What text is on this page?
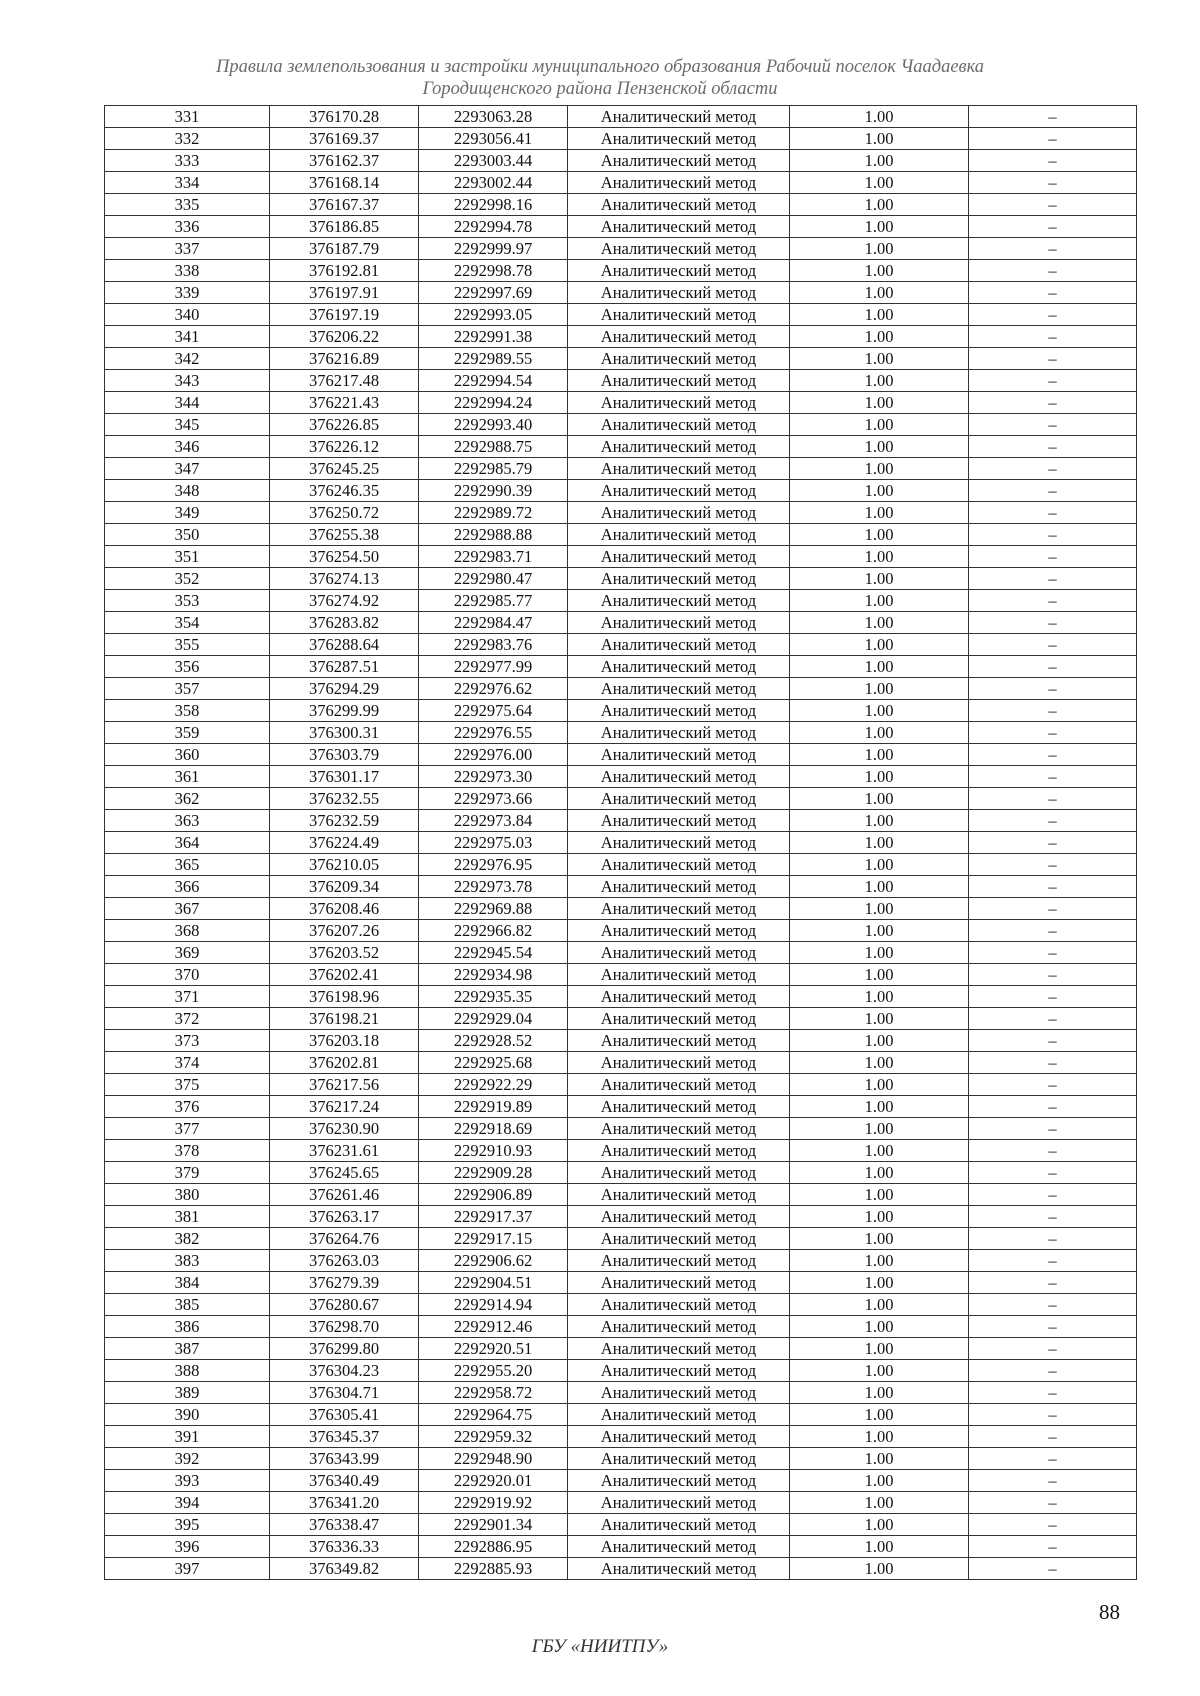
Правила землепользования и застройки муниципального образования Рабочий поселок Чаадаевка
Городищенского района Пензенской области
331	376170.28	2293063.28	Аналитический метод	1.00	–
332	376169.37	2293056.41	Аналитический метод	1.00	–
333	376162.37	2293003.44	Аналитический метод	1.00	–
334	376168.14	2293002.44	Аналитический метод	1.00	–
335	376167.37	2292998.16	Аналитический метод	1.00	–
336	376186.85	2292994.78	Аналитический метод	1.00	–
337	376187.79	2292999.97	Аналитический метод	1.00	–
338	376192.81	2292998.78	Аналитический метод	1.00	–
339	376197.91	2292997.69	Аналитический метод	1.00	–
340	376197.19	2292993.05	Аналитический метод	1.00	–
341	376206.22	2292991.38	Аналитический метод	1.00	–
342	376216.89	2292989.55	Аналитический метод	1.00	–
343	376217.48	2292994.54	Аналитический метод	1.00	–
344	376221.43	2292994.24	Аналитический метод	1.00	–
345	376226.85	2292993.40	Аналитический метод	1.00	–
346	376226.12	2292988.75	Аналитический метод	1.00	–
347	376245.25	2292985.79	Аналитический метод	1.00	–
348	376246.35	2292990.39	Аналитический метод	1.00	–
349	376250.72	2292989.72	Аналитический метод	1.00	–
350	376255.38	2292988.88	Аналитический метод	1.00	–
351	376254.50	2292983.71	Аналитический метод	1.00	–
352	376274.13	2292980.47	Аналитический метод	1.00	–
353	376274.92	2292985.77	Аналитический метод	1.00	–
354	376283.82	2292984.47	Аналитический метод	1.00	–
355	376288.64	2292983.76	Аналитический метод	1.00	–
356	376287.51	2292977.99	Аналитический метод	1.00	–
357	376294.29	2292976.62	Аналитический метод	1.00	–
358	376299.99	2292975.64	Аналитический метод	1.00	–
359	376300.31	2292976.55	Аналитический метод	1.00	–
360	376303.79	2292976.00	Аналитический метод	1.00	–
361	376301.17	2292973.30	Аналитический метод	1.00	–
362	376232.55	2292973.66	Аналитический метод	1.00	–
363	376232.59	2292973.84	Аналитический метод	1.00	–
364	376224.49	2292975.03	Аналитический метод	1.00	–
365	376210.05	2292976.95	Аналитический метод	1.00	–
366	376209.34	2292973.78	Аналитический метод	1.00	–
367	376208.46	2292969.88	Аналитический метод	1.00	–
368	376207.26	2292966.82	Аналитический метод	1.00	–
369	376203.52	2292945.54	Аналитический метод	1.00	–
370	376202.41	2292934.98	Аналитический метод	1.00	–
371	376198.96	2292935.35	Аналитический метод	1.00	–
372	376198.21	2292929.04	Аналитический метод	1.00	–
373	376203.18	2292928.52	Аналитический метод	1.00	–
374	376202.81	2292925.68	Аналитический метод	1.00	–
375	376217.56	2292922.29	Аналитический метод	1.00	–
376	376217.24	2292919.89	Аналитический метод	1.00	–
377	376230.90	2292918.69	Аналитический метод	1.00	–
378	376231.61	2292910.93	Аналитический метод	1.00	–
379	376245.65	2292909.28	Аналитический метод	1.00	–
380	376261.46	2292906.89	Аналитический метод	1.00	–
381	376263.17	2292917.37	Аналитический метод	1.00	–
382	376264.76	2292917.15	Аналитический метод	1.00	–
383	376263.03	2292906.62	Аналитический метод	1.00	–
384	376279.39	2292904.51	Аналитический метод	1.00	–
385	376280.67	2292914.94	Аналитический метод	1.00	–
386	376298.70	2292912.46	Аналитический метод	1.00	–
387	376299.80	2292920.51	Аналитический метод	1.00	–
388	376304.23	2292955.20	Аналитический метод	1.00	–
389	376304.71	2292958.72	Аналитический метод	1.00	–
390	376305.41	2292964.75	Аналитический метод	1.00	–
391	376345.37	2292959.32	Аналитический метод	1.00	–
392	376343.99	2292948.90	Аналитический метод	1.00	–
393	376340.49	2292920.01	Аналитический метод	1.00	–
394	376341.20	2292919.92	Аналитический метод	1.00	–
395	376338.47	2292901.34	Аналитический метод	1.00	–
396	376336.33	2292886.95	Аналитический метод	1.00	–
397	376349.82	2292885.93	Аналитический метод	1.00	–
88
ГБУ «НИИТПУ»
